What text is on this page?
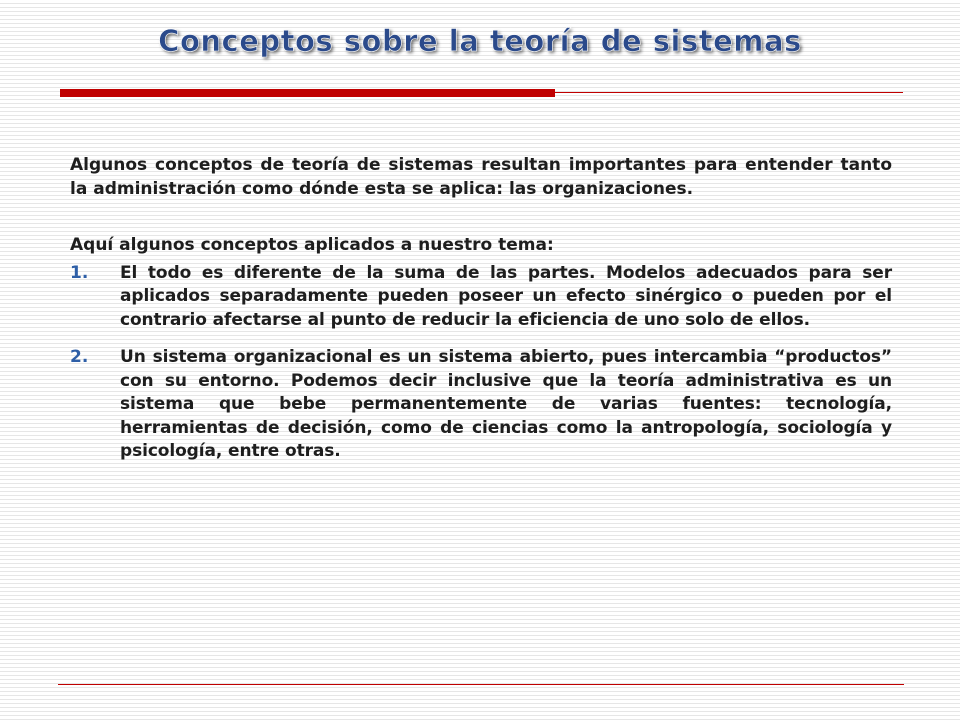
Conceptos sobre la teoría de sistemas

Algunos conceptos de teoría de sistemas resultan importantes para entender tanto la administración como dónde esta se aplica: las organizaciones.

Aquí algunos conceptos aplicados a nuestro tema:

1.	El todo es diferente de la suma de las partes. Modelos adecuados para ser aplicados separadamente pueden poseer un efecto sinérgico o pueden por el contrario afectarse al punto de reducir la eficiencia de uno solo de ellos.
2.	Un sistema organizacional es un sistema abierto, pues intercambia “productos” con su entorno. Podemos decir inclusive que la teoría administrativa es un sistema que bebe permanentemente de varias fuentes: tecnología, herramientas de decisión, como de ciencias como la antropología, sociología y psicología, entre otras.
